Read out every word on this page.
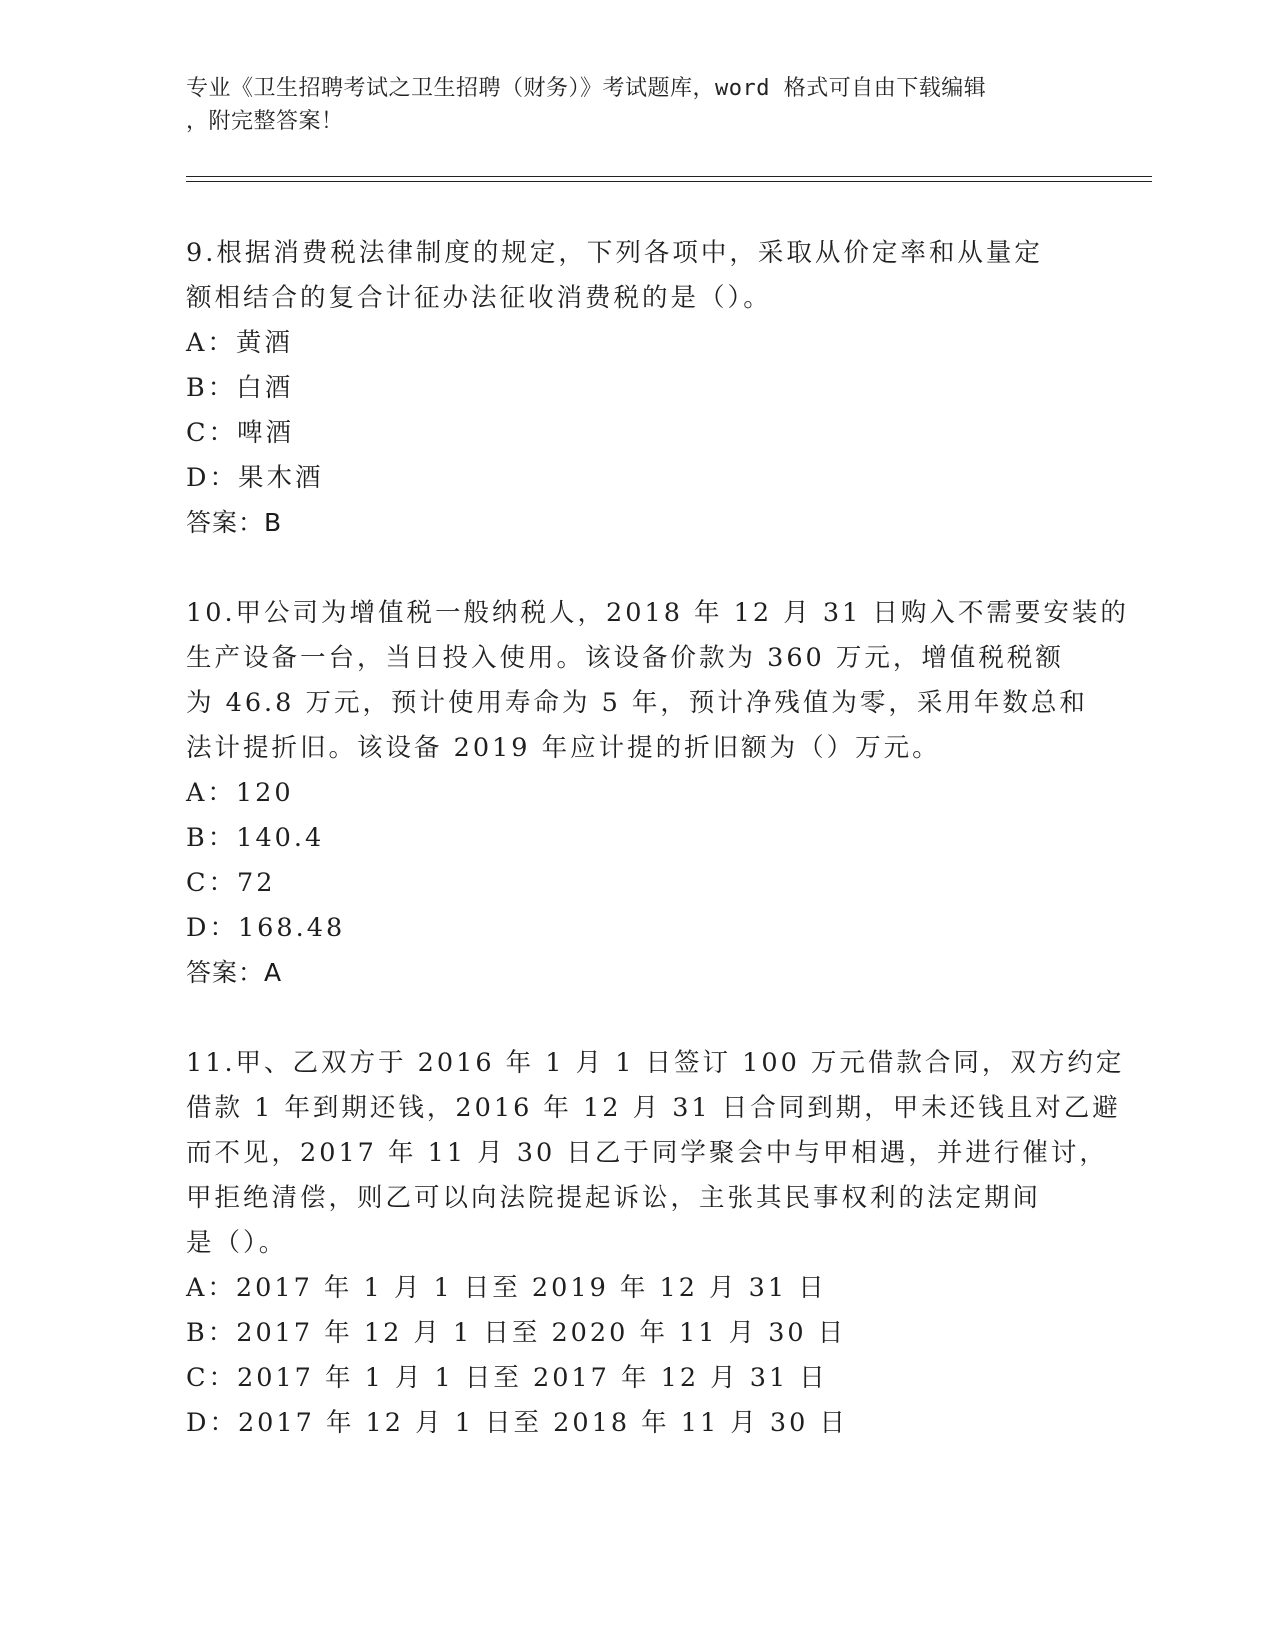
专业《卫生招聘考试之卫生招聘（财务）》考试题库，word 格式可自由下载编辑
，附完整答案！
9.根据消费税法律制度的规定，下列各项中，采取从价定率和从量定
额相结合的复合计征办法征收消费税的是（）。
A：黄酒
B：白酒
C：啤酒
D：果木酒
答案：B
10.甲公司为增值税一般纳税人，2018 年 12 月 31 日购入不需要安装的
生产设备一台，当日投入使用。该设备价款为 360 万元，增值税税额
为 46.8 万元，预计使用寿命为 5 年，预计净残值为零，采用年数总和
法计提折旧。该设备 2019 年应计提的折旧额为（）万元。
A：120
B：140.4
C：72
D：168.48
答案：A
11.甲、乙双方于 2016 年 1 月 1 日签订 100 万元借款合同，双方约定
借款 1 年到期还钱，2016 年 12 月 31 日合同到期，甲未还钱且对乙避
而不见，2017 年 11 月 30 日乙于同学聚会中与甲相遇，并进行催讨，
甲拒绝清偿，则乙可以向法院提起诉讼，主张其民事权利的法定期间
是（）。
A：2017 年 1 月 1 日至 2019 年 12 月 31 日
B：2017 年 12 月 1 日至 2020 年 11 月 30 日
C：2017 年 1 月 1 日至 2017 年 12 月 31 日
D：2017 年 12 月 1 日至 2018 年 11 月 30 日
